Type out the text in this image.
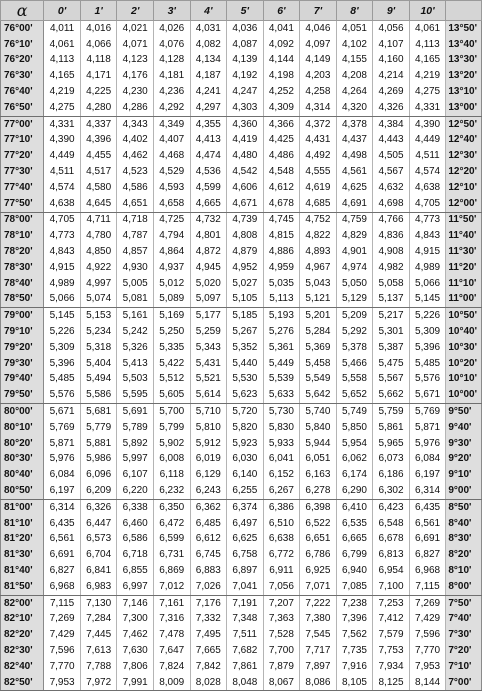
α	0'	1'	2'	3'	4'	5'	6'	7'	8'	9'	10'	
76°00'	4,011	4,016	4,021	4,026	4,031	4,036	4,041	4,046	4,051	4,056	4,061	13°50'
76°10'	4,061	4,066	4,071	4,076	4,082	4,087	4,092	4,097	4,102	4,107	4,113	13°40'
76°20'	4,113	4,118	4,123	4,128	4,134	4,139	4,144	4,149	4,155	4,160	4,165	13°30'
76°30'	4,165	4,171	4,176	4,181	4,187	4,192	4,198	4,203	4,208	4,214	4,219	13°20'
76°40'	4,219	4,225	4,230	4,236	4,241	4,247	4,252	4,258	4,264	4,269	4,275	13°10'
76°50'	4,275	4,280	4,286	4,292	4,297	4,303	4,309	4,314	4,320	4,326	4,331	13°00'
77°00'	4,331	4,337	4,343	4,349	4,355	4,360	4,366	4,372	4,378	4,384	4,390	12°50'
77°10'	4,390	4,396	4,402	4,407	4,413	4,419	4,425	4,431	4,437	4,443	4,449	12°40'
77°20'	4,449	4,455	4,462	4,468	4,474	4,480	4,486	4,492	4,498	4,505	4,511	12°30'
77°30'	4,511	4,517	4,523	4,529	4,536	4,542	4,548	4,555	4,561	4,567	4,574	12°20'
77°40'	4,574	4,580	4,586	4,593	4,599	4,606	4,612	4,619	4,625	4,632	4,638	12°10'
77°50'	4,638	4,645	4,651	4,658	4,665	4,671	4,678	4,685	4,691	4,698	4,705	12°00'
78°00'	4,705	4,711	4,718	4,725	4,732	4,739	4,745	4,752	4,759	4,766	4,773	11°50'
78°10'	4,773	4,780	4,787	4,794	4,801	4,808	4,815	4,822	4,829	4,836	4,843	11°40'
78°20'	4,843	4,850	4,857	4,864	4,872	4,879	4,886	4,893	4,901	4,908	4,915	11°30'
78°30'	4,915	4,922	4,930	4,937	4,945	4,952	4,959	4,967	4,974	4,982	4,989	11°20'
78°40'	4,989	4,997	5,005	5,012	5,020	5,027	5,035	5,043	5,050	5,058	5,066	11°10'
78°50'	5,066	5,074	5,081	5,089	5,097	5,105	5,113	5,121	5,129	5,137	5,145	11°00'
79°00'	5,145	5,153	5,161	5,169	5,177	5,185	5,193	5,201	5,209	5,217	5,226	10°50'
79°10'	5,226	5,234	5,242	5,250	5,259	5,267	5,276	5,284	5,292	5,301	5,309	10°40'
79°20'	5,309	5,318	5,326	5,335	5,343	5,352	5,361	5,369	5,378	5,387	5,396	10°30'
79°30'	5,396	5,404	5,413	5,422	5,431	5,440	5,449	5,458	5,466	5,475	5,485	10°20'
79°40'	5,485	5,494	5,503	5,512	5,521	5,530	5,539	5,549	5,558	5,567	5,576	10°10'
79°50'	5,576	5,586	5,595	5,605	5,614	5,623	5,633	5,642	5,652	5,662	5,671	10°00'
80°00'	5,671	5,681	5,691	5,700	5,710	5,720	5,730	5,740	5,749	5,759	5,769	9°50'
80°10'	5,769	5,779	5,789	5,799	5,810	5,820	5,830	5,840	5,850	5,861	5,871	9°40'
80°20'	5,871	5,881	5,892	5,902	5,912	5,923	5,933	5,944	5,954	5,965	5,976	9°30'
80°30'	5,976	5,986	5,997	6,008	6,019	6,030	6,041	6,051	6,062	6,073	6,084	9°20'
80°40'	6,084	6,096	6,107	6,118	6,129	6,140	6,152	6,163	6,174	6,186	6,197	9°10'
80°50'	6,197	6,209	6,220	6,232	6,243	6,255	6,267	6,278	6,290	6,302	6,314	9°00'
81°00'	6,314	6,326	6,338	6,350	6,362	6,374	6,386	6,398	6,410	6,423	6,435	8°50'
81°10'	6,435	6,447	6,460	6,472	6,485	6,497	6,510	6,522	6,535	6,548	6,561	8°40'
81°20'	6,561	6,573	6,586	6,599	6,612	6,625	6,638	6,651	6,665	6,678	6,691	8°30'
81°30'	6,691	6,704	6,718	6,731	6,745	6,758	6,772	6,786	6,799	6,813	6,827	8°20'
81°40'	6,827	6,841	6,855	6,869	6,883	6,897	6,911	6,925	6,940	6,954	6,968	8°10'
81°50'	6,968	6,983	6,997	7,012	7,026	7,041	7,056	7,071	7,085	7,100	7,115	8°00'
82°00'	7,115	7,130	7,146	7,161	7,176	7,191	7,207	7,222	7,238	7,253	7,269	7°50'
82°10'	7,269	7,284	7,300	7,316	7,332	7,348	7,363	7,380	7,396	7,412	7,429	7°40'
82°20'	7,429	7,445	7,462	7,478	7,495	7,511	7,528	7,545	7,562	7,579	7,596	7°30'
82°30'	7,596	7,613	7,630	7,647	7,665	7,682	7,700	7,717	7,735	7,753	7,770	7°20'
82°40'	7,770	7,788	7,806	7,824	7,842	7,861	7,879	7,897	7,916	7,934	7,953	7°10'
82°50'	7,953	7,972	7,991	8,009	8,028	8,048	8,067	8,086	8,105	8,125	8,144	7°00'
